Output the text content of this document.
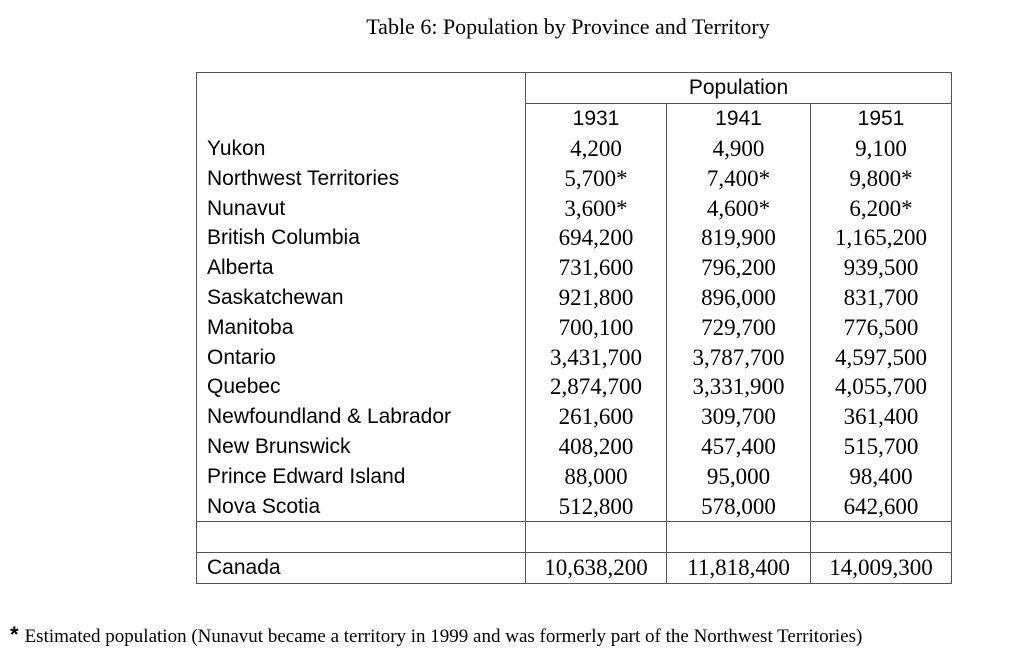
Table 6: Population by Province and Territory
	Population		
	1931	1941	1951
Yukon	4,200	4,900	9,100
Northwest Territories	5,700*	7,400*	9,800*
Nunavut	3,600*	4,600*	6,200*
British Columbia	694,200	819,900	1,165,200
Alberta	731,600	796,200	939,500
Saskatchewan	921,800	896,000	831,700
Manitoba	700,100	729,700	776,500
Ontario	3,431,700	3,787,700	4,597,500
Quebec	2,874,700	3,331,900	4,055,700
Newfoundland & Labrador	261,600	309,700	361,400
New Brunswick	408,200	457,400	515,700
Prince Edward Island	88,000	95,000	98,400
Nova Scotia	512,800	578,000	642,600

Canada	10,638,200	11,818,400	14,009,300
* Estimated population (Nunavut became a territory in 1999 and was formerly part of the Northwest Territories)
